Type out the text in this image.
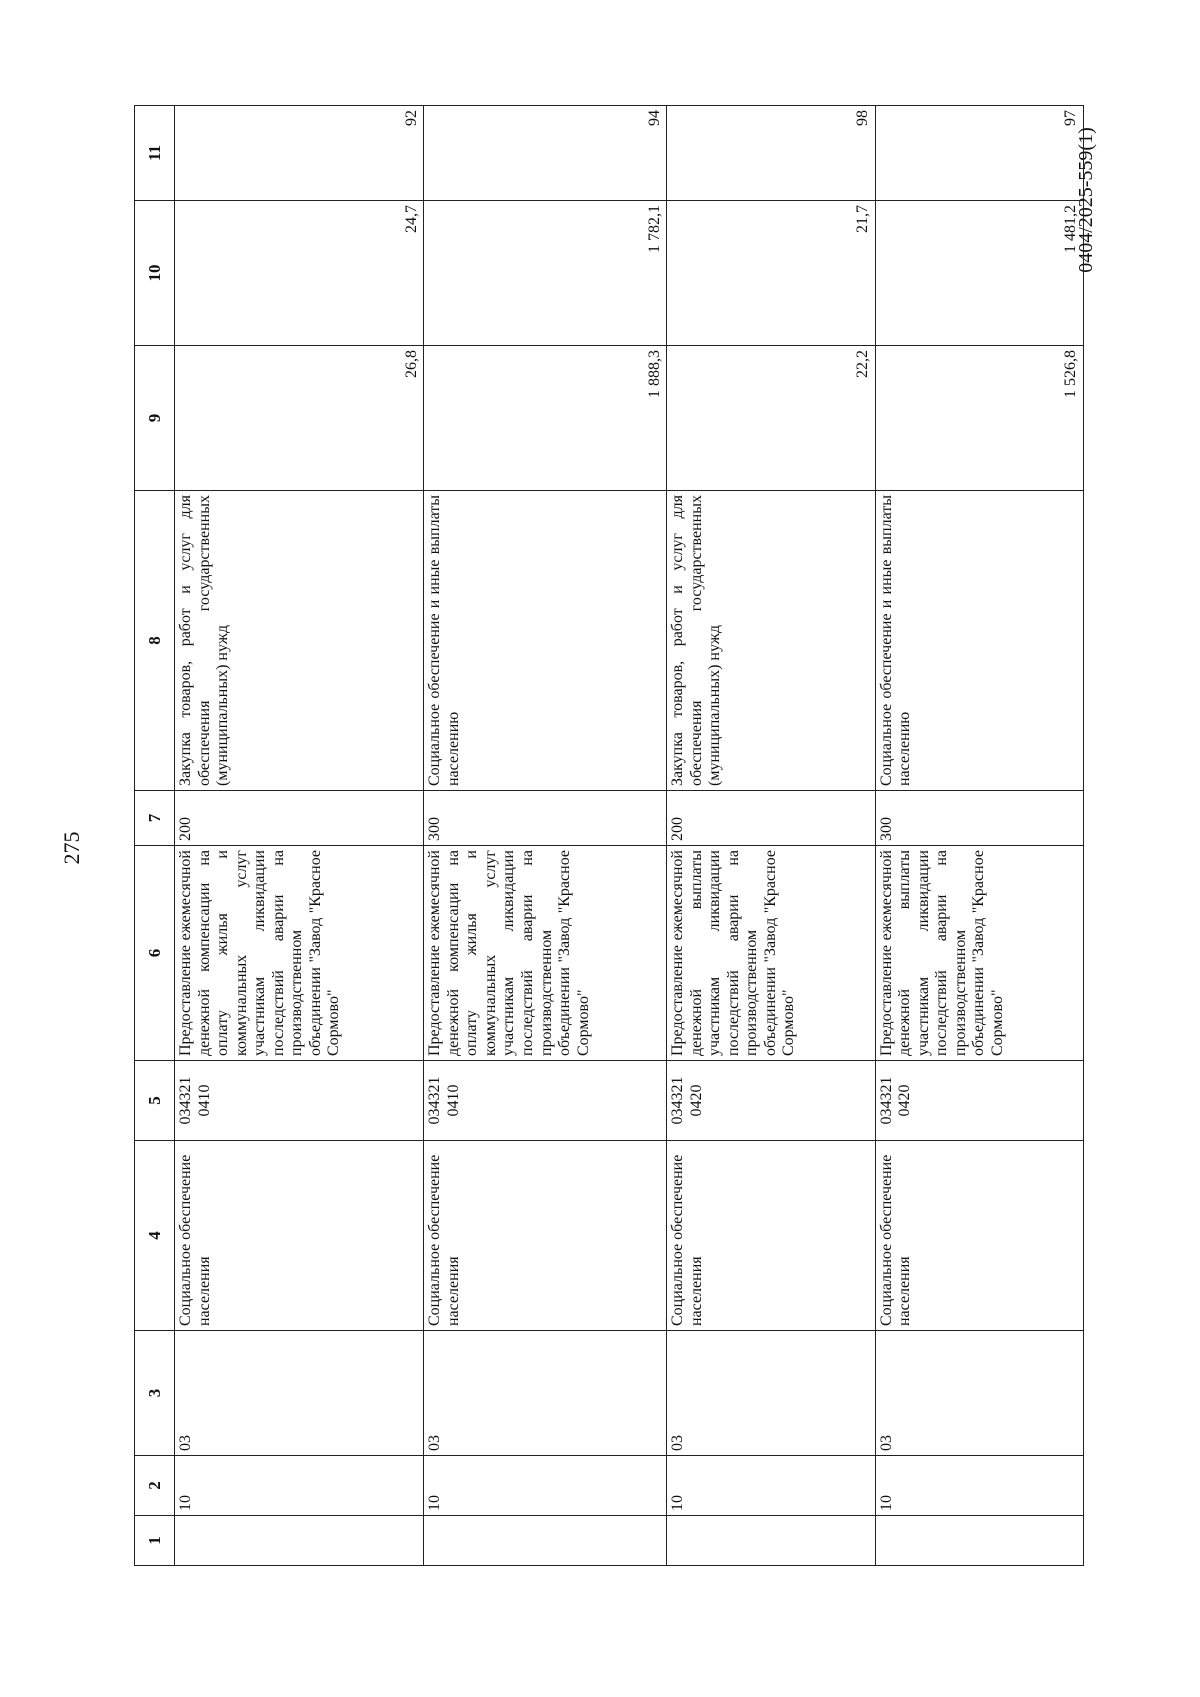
275
0404/2025-559(1)
1	2	3	4	5	6	7	8	9	10	11
	10	03	Социальное обеспечение населения	034321 0410	Предоставление ежемесячной денежной компенсации на оплату жилья и коммунальных услуг участникам ликвидации последствий аварии на производственном объединении "Завод "Красное Сормово"	200	Закупка товаров, работ и услуг для обеспечения государственных (муниципальных) нужд	26,8	24,7	92
	10	03	Социальное обеспечение населения	034321 0410	Предоставление ежемесячной денежной компенсации на оплату жилья и коммунальных услуг участникам ликвидации последствий аварии на производственном объединении "Завод "Красное Сормово"	300	Социальное обеспечение и иные выплаты населению	1 888,3	1 782,1	94
	10	03	Социальное обеспечение населения	034321 0420	Предоставление ежемесячной денежной выплаты участникам ликвидации последствий аварии на производственном объединении "Завод "Красное Сормово"	200	Закупка товаров, работ и услуг для обеспечения государственных (муниципальных) нужд	22,2	21,7	98
	10	03	Социальное обеспечение населения	034321 0420	Предоставление ежемесячной денежной выплаты участникам ликвидации последствий аварии на производственном объединении "Завод "Красное Сормово"	300	Социальное обеспечение и иные выплаты населению	1 526,8	1 481,2	97
